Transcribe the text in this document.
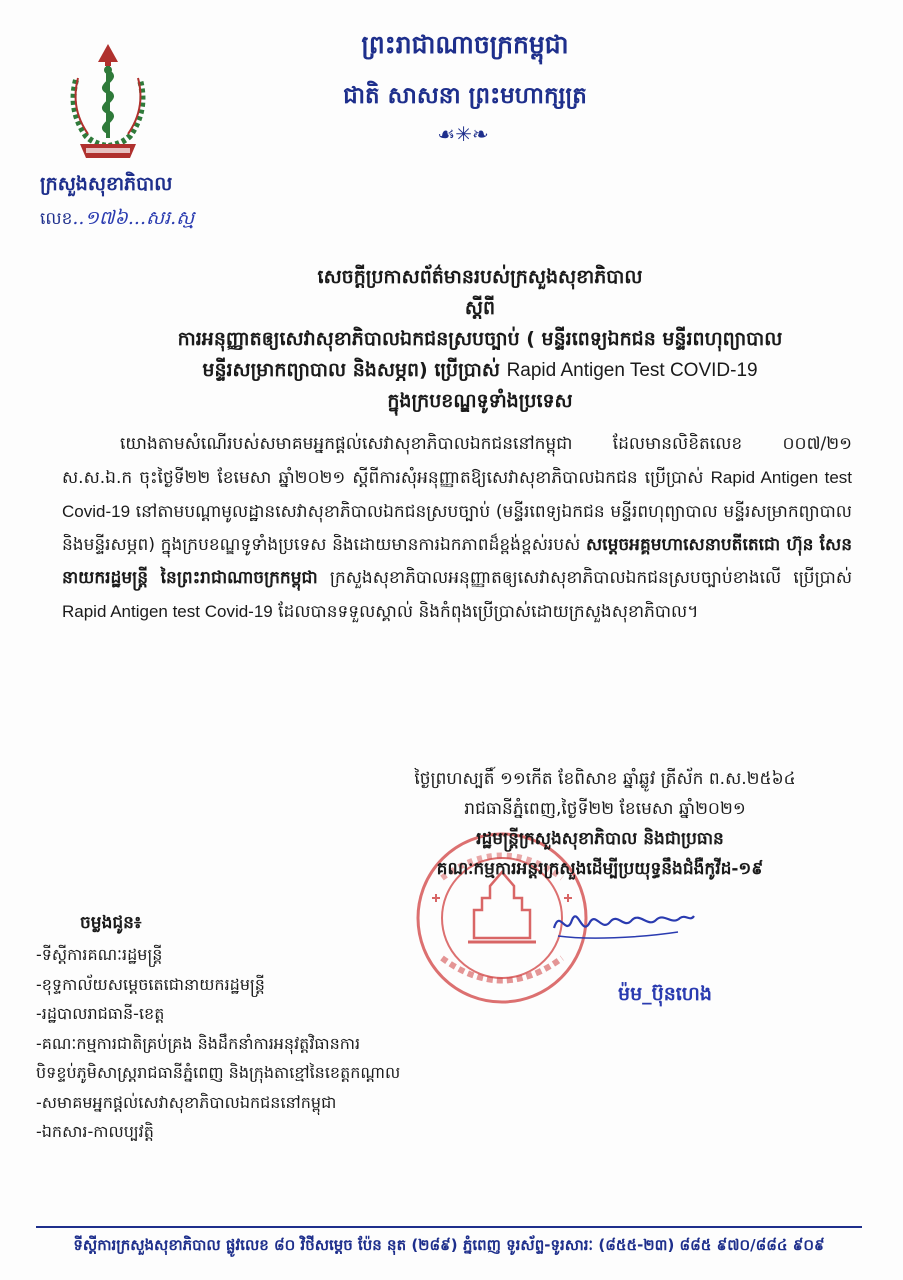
ព្រះរាជាណាចក្រកម្ពុជា
ជាតិ សាសនា ព្រះមហាក្សត្រ
☙✳❧
ក្រសួងសុខាភិបាល
លេខ..១៧៦...សរ.ស្ម
សេចក្តីប្រកាសព័ត៌មានរបស់ក្រសួងសុខាភិបាល
ស្តីពី
ការអនុញ្ញាតឲ្យសេវាសុខាភិបាលឯកជនស្របច្បាប់ ( មន្ទីរពេទ្យឯកជន មន្ទីរពហុព្យាបាល
មន្ទីរសម្រាកព្យាបាល និងសម្ភព) ប្រើប្រាស់ Rapid Antigen Test COVID-19
ក្នុងក្របខណ្ឌទូទាំងប្រទេស
យោងតាមសំណើរបស់សមាគមអ្នកផ្តល់សេវាសុខាភិបាលឯកជននៅកម្ពុជា ដែលមានលិខិតលេខ ០០៧/២១ ស.ស.ឯ.ក ចុះថ្ងៃទី២២ ខែមេសា ឆ្នាំ២០២១ ស្តីពីការសុំអនុញ្ញាតឱ្យសេវាសុខាភិបាលឯកជន ប្រើប្រាស់ Rapid Antigen test Covid-19 នៅតាមបណ្តាមូលដ្ឋានសេវាសុខាភិបាលឯកជនស្របច្បាប់ (មន្ទីរពេទ្យឯកជន មន្ទីរពហុព្យាបាល មន្ទីរសម្រាកព្យាបាល និងមន្ទីរសម្ភព) ក្នុងក្របខណ្ឌទូទាំងប្រទេស និងដោយមានការឯកភាពដ៏ខ្ពង់ខ្ពស់របស់ សម្តេចអគ្គមហាសេនាបតីតេជោ ហ៊ុន សែន នាយករដ្ឋមន្ត្រី នៃព្រះរាជាណាចក្រកម្ពុជា ក្រសួងសុខាភិបាលអនុញ្ញាតឲ្យសេវាសុខាភិបាលឯកជនស្របច្បាប់ខាងលើ ប្រើប្រាស់ Rapid Antigen test Covid-19 ដែលបានទទួលស្គាល់ និងកំពុងប្រើប្រាស់ដោយក្រសួងសុខាភិបាល។
ថ្ងៃព្រហស្បតិ៍ ១១កើត ខែពិសាខ ឆ្នាំឆ្លូវ ត្រីស័ក ព.ស.២៥៦៤
រាជធានីភ្នំពេញ,ថ្ងៃទី២២ ខែមេសា ឆ្នាំ២០២១
រដ្ឋមន្ត្រីក្រសួងសុខាភិបាល និងជាប្រធាន
គណៈកម្មការអន្តរក្រសួងដើម្បីប្រយុទ្ធនឹងជំងឺកូវីដ-១៩
ម៉ម_ប៊ុនហេង
ចម្លងជូន៖
-ទីស្តីការគណៈរដ្ឋមន្ត្រី
-ខុទ្ទកាល័យសម្តេចតេជោនាយករដ្ឋមន្ត្រី
-រដ្ឋបាលរាជធានី-ខេត្ត
-គណៈកម្មការជាតិគ្រប់គ្រង និងដឹកនាំការអនុវត្តវិធានការ
បិទខ្ទប់ភូមិសាស្ត្ររាជធានីភ្នំពេញ និងក្រុងតាខ្មៅនៃខេត្តកណ្តាល
-សមាគមអ្នកផ្តល់សេវាសុខាភិបាលឯកជននៅកម្ពុជា
-ឯកសារ-កាលប្បវត្តិ
ទីស្តីការក្រសួងសុខាភិបាល ផ្លូវលេខ ៨០ វិថីសម្តេច ប៉ែន នុត (២៨៩) ភ្នំពេញ ទូរស័ព្ទ-ទូរសារៈ (៨៥៥-២៣) ៨៨៥ ៩៧០/៨៨៤ ៩០៩
